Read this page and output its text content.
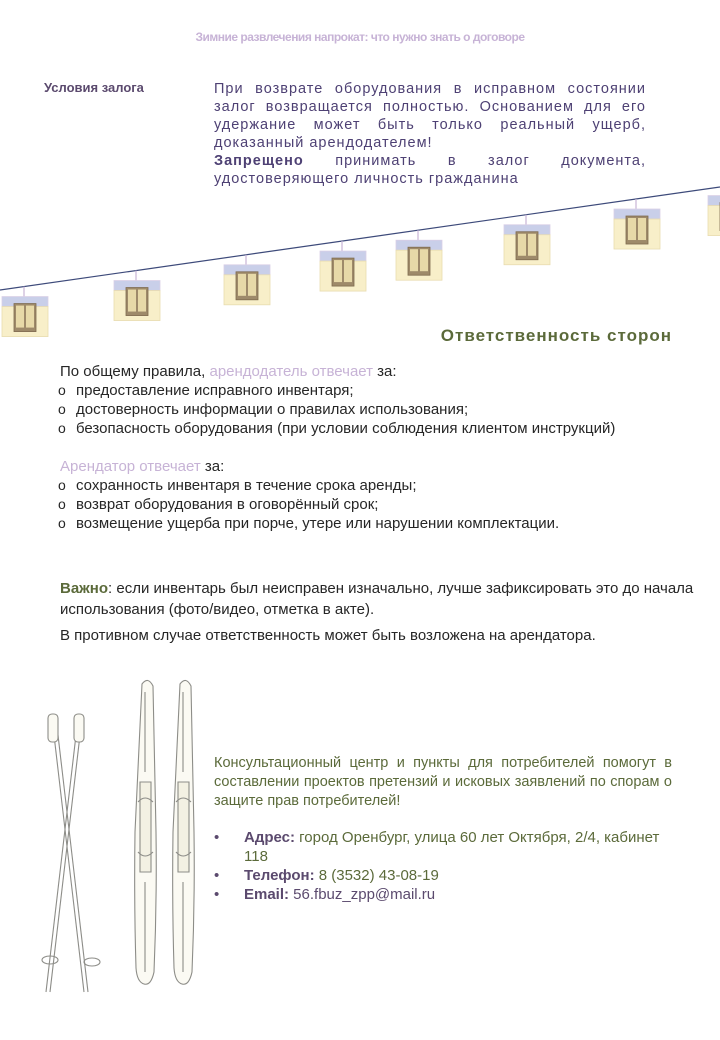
Зимние развлечения напрокат: что нужно знать о договоре
Условия залога	При возврате оборудования в исправном состоянии залог возвращается полностью. Основанием для его удержание может быть только реальный ущерб, доказанный арендодателем!

Запрещено принимать в залог документа, удостоверяющего личность гражданина

Ответственность сторон

По общему правила, арендодатель отвечает за:

o предоставление исправного инвентаря;
o достоверность информации о правилах использования;
o безопасность оборудования (при условии соблюдения клиентом инструкций)

Арендатор отвечает за:

o сохранность инвентаря в течение срока аренды;
o возврат оборудования в оговорённый срок;
o возмещение ущерба при порче, утере или нарушении комплектации.
Важно: если инвентарь был неисправен изначально, лучше зафиксировать это до начала использования (фото/видео, отметка в акте).
В противном случае ответственность может быть возложена на арендатора.
Консультационный центр и пункты для потребителей помогут в составлении проектов претензий и исковых заявлений по спорам о защите прав потребителей!
• Адрес: город Оренбург, улица 60 лет Октября, 2/4, кабинет 118
• Телефон: 8 (3532) 43-08-19
• Email: 56.fbuz_zpp@mail.ru
